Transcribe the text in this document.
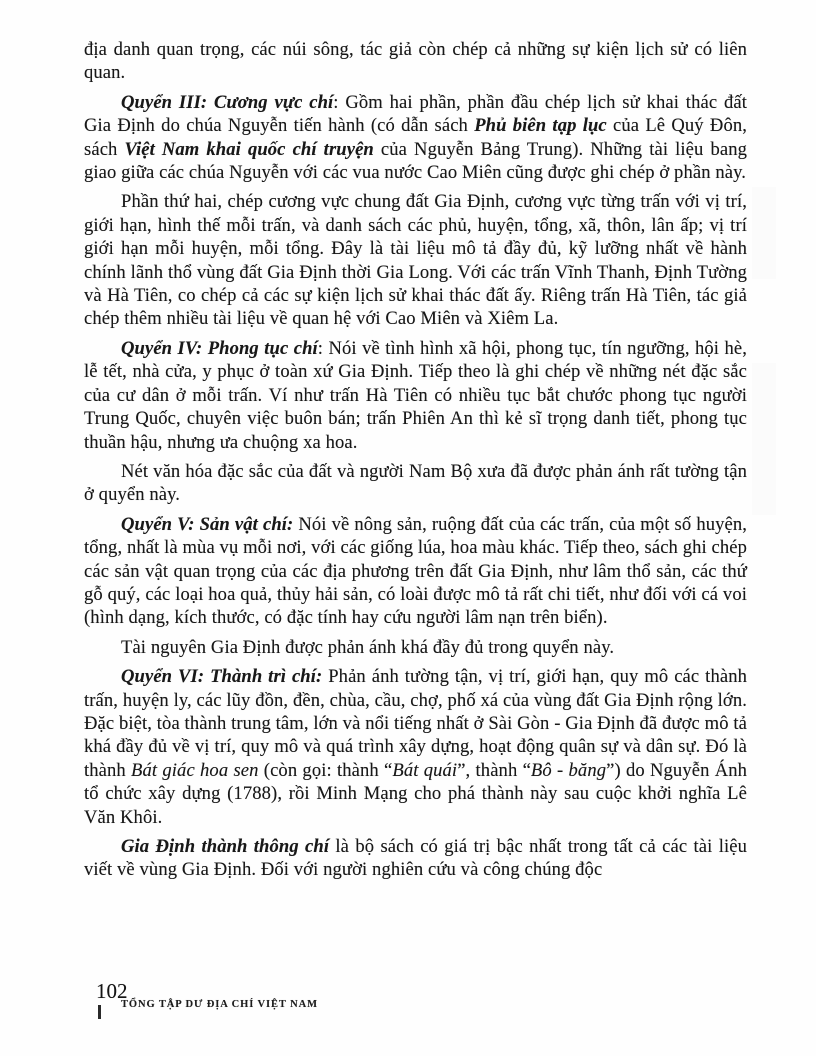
địa danh quan trọng, các núi sông, tác giả còn chép cả những sự kiện lịch sử có liên quan.

Quyển III: Cương vực chí: Gồm hai phần, phần đầu chép lịch sử khai thác đất Gia Định do chúa Nguyễn tiến hành (có dẫn sách Phủ biên tạp lục của Lê Quý Đôn, sách Việt Nam khai quốc chí truyện của Nguyễn Bảng Trung). Những tài liệu bang giao giữa các chúa Nguyễn với các vua nước Cao Miên cũng được ghi chép ở phần này.

Phần thứ hai, chép cương vực chung đất Gia Định, cương vực từng trấn với vị trí, giới hạn, hình thế mỗi trấn, và danh sách các phủ, huyện, tổng, xã, thôn, lân ấp; vị trí giới hạn mỗi huyện, mỗi tổng. Đây là tài liệu mô tả đầy đủ, kỹ lưỡng nhất về hành chính lãnh thổ vùng đất Gia Định thời Gia Long. Với các trấn Vĩnh Thanh, Định Tường và Hà Tiên, co chép cả các sự kiện lịch sử khai thác đất ấy. Riêng trấn Hà Tiên, tác giả chép thêm nhiều tài liệu về quan hệ với Cao Miên và Xiêm La.

Quyển IV: Phong tục chí: Nói về tình hình xã hội, phong tục, tín ngưỡng, hội hè, lễ tết, nhà cửa, y phục ở toàn xứ Gia Định. Tiếp theo là ghi chép về những nét đặc sắc của cư dân ở mỗi trấn. Ví như trấn Hà Tiên có nhiều tục bắt chước phong tục người Trung Quốc, chuyên việc buôn bán; trấn Phiên An thì kẻ sĩ trọng danh tiết, phong tục thuần hậu, nhưng ưa chuộng xa hoa.

Nét văn hóa đặc sắc của đất và người Nam Bộ xưa đã được phản ánh rất tường tận ở quyển này.

Quyển V: Sản vật chí: Nói về nông sản, ruộng đất của các trấn, của một số huyện, tổng, nhất là mùa vụ mỗi nơi, với các giống lúa, hoa màu khác. Tiếp theo, sách ghi chép các sản vật quan trọng của các địa phương trên đất Gia Định, như lâm thổ sản, các thứ gỗ quý, các loại hoa quả, thủy hải sản, có loài được mô tả rất chi tiết, như đối với cá voi (hình dạng, kích thước, có đặc tính hay cứu người lâm nạn trên biển).

Tài nguyên Gia Định được phản ánh khá đầy đủ trong quyển này.

Quyển VI: Thành trì chí: Phản ánh tường tận, vị trí, giới hạn, quy mô các thành trấn, huyện ly, các lũy đồn, đền, chùa, cầu, chợ, phố xá của vùng đất Gia Định rộng lớn. Đặc biệt, tòa thành trung tâm, lớn và nổi tiếng nhất ở Sài Gòn - Gia Định đã được mô tả khá đầy đủ về vị trí, quy mô và quá trình xây dựng, hoạt động quân sự và dân sự. Đó là thành Bát giác hoa sen (còn gọi: thành “Bát quái”, thành “Bô - băng”) do Nguyễn Ánh tổ chức xây dựng (1788), rồi Minh Mạng cho phá thành này sau cuộc khởi nghĩa Lê Văn Khôi.

Gia Định thành thông chí là bộ sách có giá trị bậc nhất trong tất cả các tài liệu viết về vùng Gia Định. Đối với người nghiên cứu và công chúng độc

102
TỔNG TẬP DƯ ĐỊA CHÍ VIỆT NAM
